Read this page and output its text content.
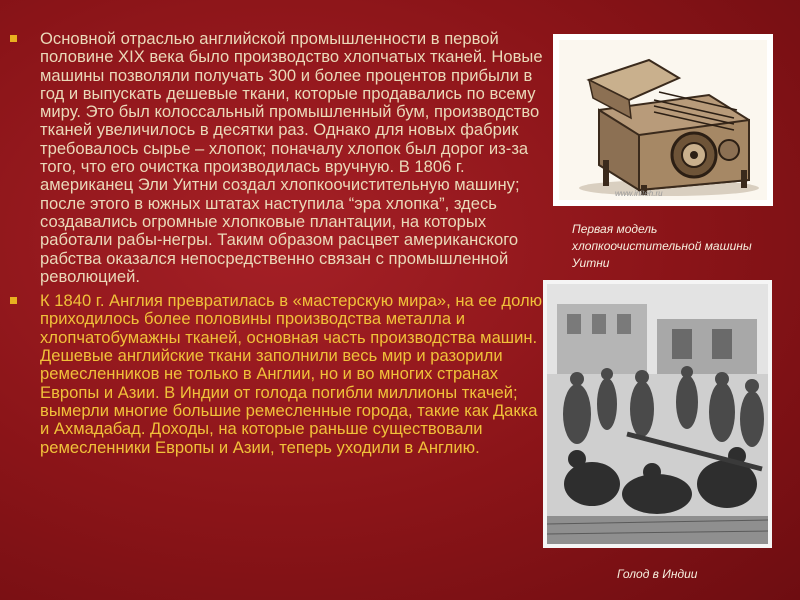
Основной отраслью английской промышленности в первой половине XIX века было производство хлопчатых тканей. Новые машины позволяли получать 300 и более процентов прибыли в год и выпускать дешевые ткани, которые продавались по всему миру. Это был колоссальный промышленный бум, производство тканей увеличилось в десятки раз. Однако для новых фабрик требовалось сырье – хлопок; поначалу хлопок был дорог из-за того, что его очистка производилась вручную. В 1806 г. американец Эли Уитни создал хлопкоочистительную машину; после этого в южных штатах наступила “эра хлопка”, здесь создавались огромные хлопковые плантации, на которых работали рабы-негры. Таким образом расцвет американского рабства оказался непосредственно связан с промышленной революцией.

К 1840 г. Англия превратилась в «мастерскую мира», на ее долю приходилось более половины производства металла и хлопчатобумажны тканей, основная часть производства машин. Дешевые английские ткани заполнили весь мир и разорили ремесленников не только в Англии, но и во многих странах Европы и Азии. В Индии от голода погибли миллионы ткачей; вымерли многие большие ремесленные города, такие как Дакка и Ахмадабад. Доходы, на которые раньше существовали ремесленники Европы и Азии, теперь уходили в Англию.

www.initeh.ru
Первая модель хлопкоочистительной машины Уитни
Голод в Индии
